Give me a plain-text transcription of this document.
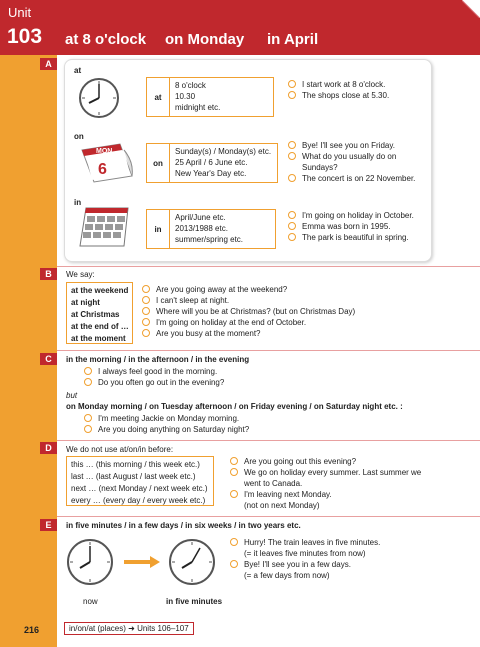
Unit
103 at 8 o'clock on Monday in April
A
at
at
8 o'clock
10.30
midnight etc.
I start work at 8 o'clock.
The shops close at 5.30.
on
MON
6	on
Sunday(s) / Monday(s) etc.
25 April / 6 June etc.
New Year's Day etc.
Bye! I'll see you on Friday.
What do you usually do on
Sundays?
The concert is on 22 November.
in
in
April/June etc.
2013/1988 etc.
summer/spring etc.
I'm going on holiday in October.
Emma was born in 1995.
The park is beautiful in spring.
B	We say:
at the weekend
at night
at Christmas
at the end of …
at the moment
Are you going away at the weekend?
I can't sleep at night.
Where will you be at Christmas? (but on Christmas Day)
I'm going on holiday at the end of October.
Are you busy at the moment?
C	in the morning / in the afternoon / in the evening
I always feel good in the morning.
Do you often go out in the evening?
but
on Monday morning / on Tuesday afternoon / on Friday evening / on Saturday night etc. :
I'm meeting Jackie on Monday morning.
Are you doing anything on Saturday night?
D	We do not use at/on/in before:
this … (this morning / this week etc.)
last … (last August / last week etc.)
next … (next Monday / next week etc.)
every … (every day / every week etc.)
Are you going out this evening?
We go on holiday every summer. Last summer we
went to Canada.
I'm leaving next Monday.
(not on next Monday)
E	in five minutes / in a few days / in six weeks / in two years etc.
now	in five minutes
Hurry! The train leaves in five minutes.
(= it leaves five minutes from now)
Bye! I'll see you in a few days.
(= a few days from now)
216	in/on/at (places) ➜ Units 106–107
